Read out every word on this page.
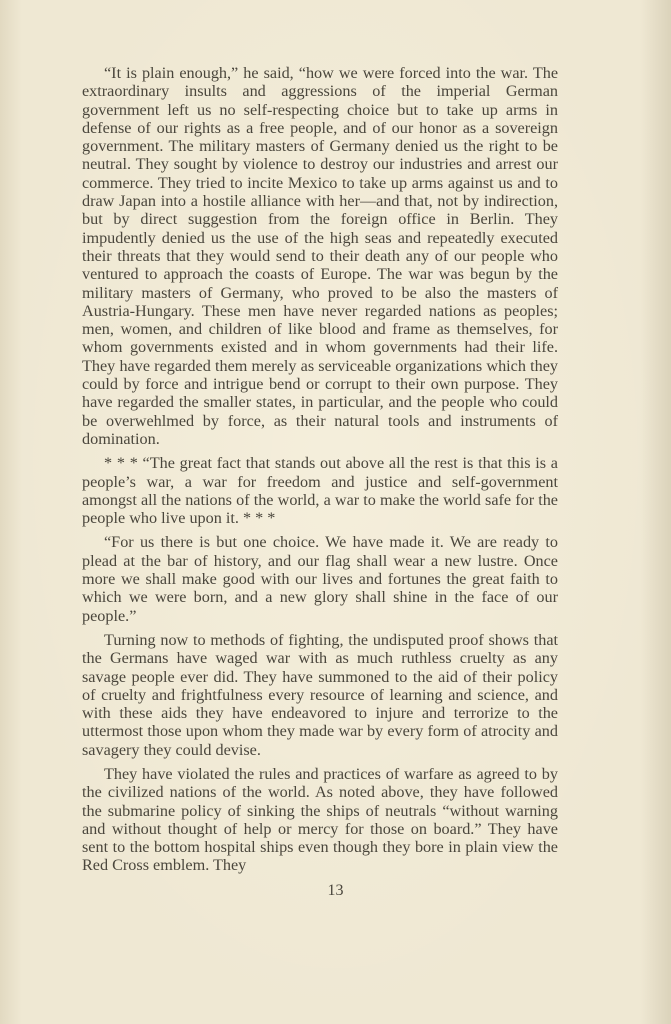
“It is plain enough,” he said, “how we were forced into the war. The extraordinary insults and aggressions of the imperial German government left us no self-respecting choice but to take up arms in defense of our rights as a free people, and of our honor as a sovereign government. The military masters of Germany denied us the right to be neutral. They sought by violence to destroy our industries and arrest our commerce. They tried to incite Mexico to take up arms against us and to draw Japan into a hostile alliance with her—and that, not by indirection, but by direct suggestion from the foreign office in Berlin. They impudently denied us the use of the high seas and repeatedly executed their threats that they would send to their death any of our people who ventured to approach the coasts of Europe. The war was begun by the military masters of Germany, who proved to be also the masters of Austria-Hungary. These men have never regarded nations as peoples; men, women, and children of like blood and frame as themselves, for whom governments existed and in whom governments had their life. They have regarded them merely as serviceable organizations which they could by force and intrigue bend or corrupt to their own purpose. They have regarded the smaller states, in particular, and the people who could be overwehlmed by force, as their natural tools and instruments of domination.

* * * “The great fact that stands out above all the rest is that this is a people’s war, a war for freedom and justice and self-government amongst all the nations of the world, a war to make the world safe for the people who live upon it. * * *

“For us there is but one choice. We have made it. We are ready to plead at the bar of history, and our flag shall wear a new lustre. Once more we shall make good with our lives and fortunes the great faith to which we were born, and a new glory shall shine in the face of our people.”

Turning now to methods of fighting, the undisputed proof shows that the Germans have waged war with as much ruthless cruelty as any savage people ever did. They have summoned to the aid of their policy of cruelty and frightfulness every resource of learning and science, and with these aids they have endeavored to injure and terrorize to the uttermost those upon whom they made war by every form of atrocity and savagery they could devise.

They have violated the rules and practices of warfare as agreed to by the civilized nations of the world. As noted above, they have followed the submarine policy of sinking the ships of neutrals “without warning and without thought of help or mercy for those on board.” They have sent to the bottom hospital ships even though they bore in plain view the Red Cross emblem. They

13
